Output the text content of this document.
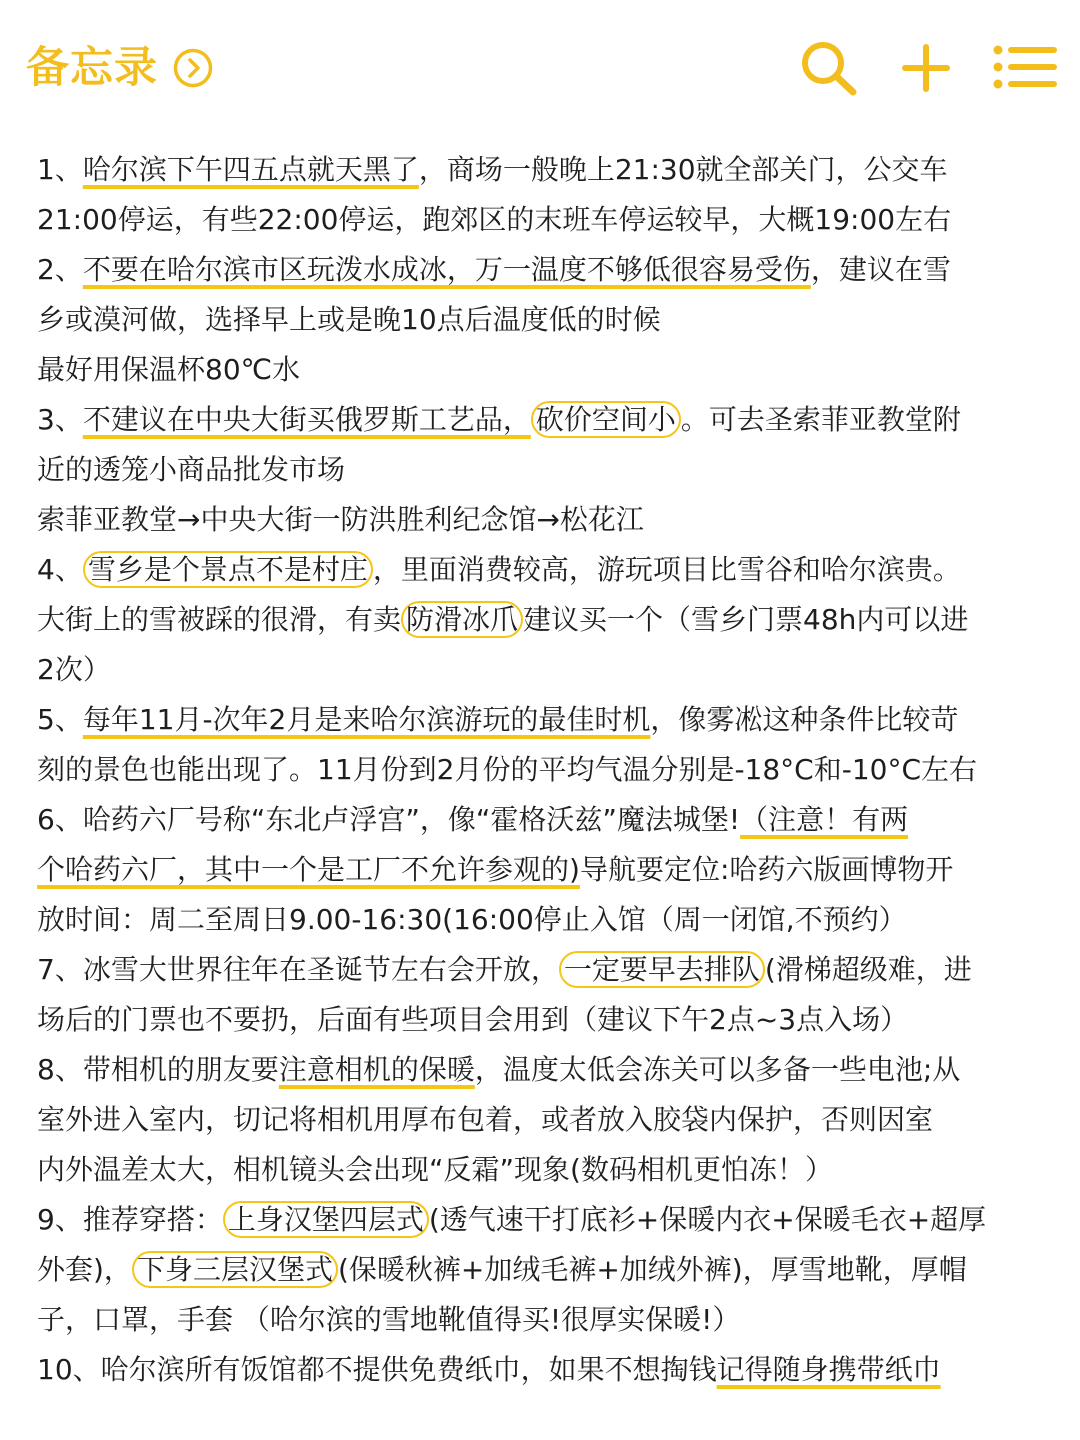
备忘录
1、哈尔滨下午四五点就天黑了，商场一般晚上21:30就全部关门，公交车
21:00停运，有些22:00停运，跑郊区的末班车停运较早，大概19:00左右
2、不要在哈尔滨市区玩泼水成冰，万一温度不够低很容易受伤，建议在雪
乡或漠河做，选择早上或是晚10点后温度低的时候
最好用保温杯80℃水
3、不建议在中央大街买俄罗斯工艺品， 砍价空间小 。可去圣索菲亚教堂附
近的透笼小商品批发市场
索菲亚教堂→中央大街一防洪胜利纪念馆→松花江
4、 雪乡是个景点不是村庄 ，里面消费较高，游玩项目比雪谷和哈尔滨贵。
大街上的雪被踩的很滑，有卖 防滑冰爪 建议买一个（雪乡门票48h内可以进
2次）
5、每年11月-次年2月是来哈尔滨游玩的最佳时机，像雾凇这种条件比较苛
刻的景色也能出现了。11月份到2月份的平均气温分别是-18°C和-10°C左右
6、哈药六厂号称“东北卢浮宫”，像“霍格沃兹”魔法城堡!（注意！有两
个哈药六厂，其中一个是工厂不允许参观的)导航要定位:哈药六版画博物开
放时间：周二至周日9.00-16:30(16:00停止入馆（周一闭馆,不预约）
7、冰雪大世界往年在圣诞节左右会开放， 一定要早去排队 (滑梯超级难，进
场后的门票也不要扔，后面有些项目会用到（建议下午2点~3点入场）
8、带相机的朋友要注意相机的保暖，温度太低会冻关可以多备一些电池;从
室外进入室内，切记将相机用厚布包着，或者放入胶袋内保护，否则因室
内外温差太大，相机镜头会出现“反霜”现象(数码相机更怕冻！）
9、推荐穿搭： 上身汉堡四层式 (透气速干打底衫+保暖内衣+保暖毛衣+超厚
外套)， 下身三层汉堡式 (保暖秋裤+加绒毛裤+加绒外裤)，厚雪地靴，厚帽
子，口罩，手套 （哈尔滨的雪地靴值得买!很厚实保暖!）
10、哈尔滨所有饭馆都不提供免费纸巾，如果不想掏钱记得随身携带纸巾
